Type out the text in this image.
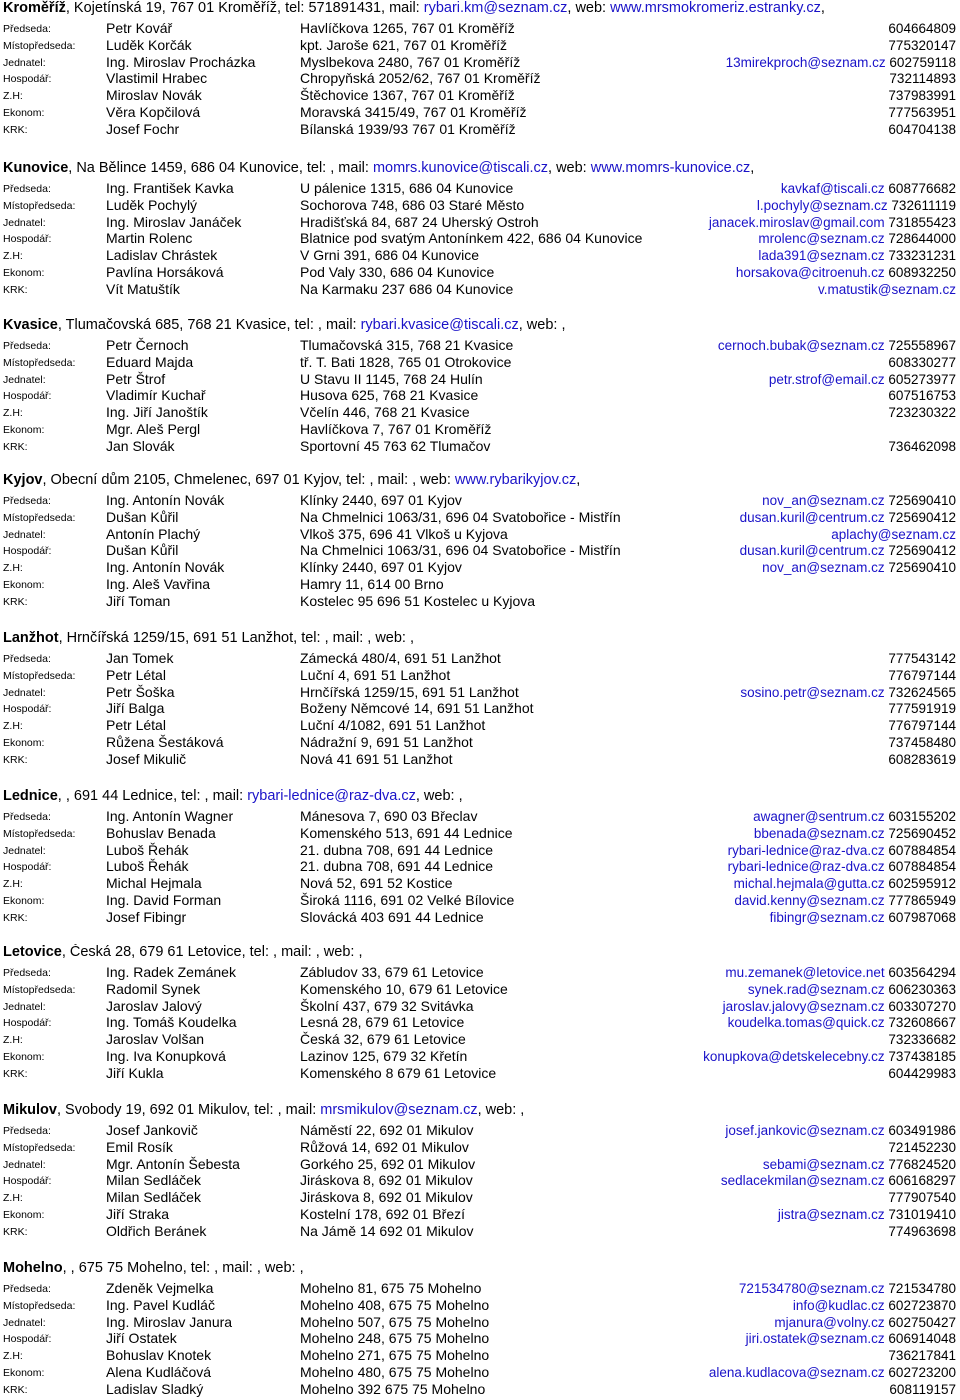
Kroměříž, Kojetínská 19, 767 01 Kroměříž, tel: 571891431, mail: rybari.km@seznam.cz, web: www.mrsmokromeriz.estranky.cz,
Předseda:	Petr Kovář	Havlíčkova 1265, 767 01 Kroměříž	604664809
Místopředseda: Luděk Korčák	kpt. Jaroše 621, 767 01 Kroměříž	775320147
Jednatel:	Ing. Miroslav Procházka	Myslbekova 2480, 767 01 Kroměříž	13mirekproch@seznam.cz 602759118
Hospodář:	Vlastimil Hrabec	Chropyňská 2052/62, 767 01 Kroměříž	732114893
Z.H:	Miroslav Novák	Štěchovice 1367, 767 01 Kroměříž	737983991
Ekonom:	Věra Kopčilová	Moravská 3415/49, 767 01 Kroměříž	777563951
KRK:	Josef Fochr	Bílanská 1939/93 767 01 Kroměříž	604704138
Kunovice, Na Bělince 1459, 686 04 Kunovice, tel: , mail: momrs.kunovice@tiscali.cz, web: www.momrs-kunovice.cz,
Předseda:	Ing. František Kavka	U pálenice 1315, 686 04 Kunovice	kavkaf@tiscali.cz 608776682
Místopředseda: Luděk Pochylý	Sochorova 748, 686 03 Staré Město	l.pochyly@seznam.cz 732611119
Jednatel:	Ing. Miroslav Janáček	Hradišťská 84, 687 24 Uherský Ostroh	janacek.miroslav@gmail.com 731855423
Hospodář:	Martin Rolenc	Blatnice pod svatým Antonínkem 422, 686 04 Kunovice	mrolenc@seznam.cz 728644000
Z.H:	Ladislav Chrástek	V Grni 391, 686 04 Kunovice	lada391@seznam.cz 733231231
Ekonom:	Pavlína Horsáková	Pod Valy 330, 686 04 Kunovice	horsakova@citroenuh.cz 608932250
KRK:	Vít Matuštík	Na Karmaku 237 686 04 Kunovice	v.matustik@seznam.cz
Kvasice, Tlumačovská 685, 768 21 Kvasice, tel: , mail: rybari.kvasice@tiscali.cz, web: ,
Předseda:	Petr Černoch	Tlumačovská 315, 768 21 Kvasice	cernoch.bubak@seznam.cz 725558967
Místopředseda: Eduard Majda	tř. T. Bati 1828, 765 01 Otrokovice	608330277
Jednatel:	Petr Štrof	U Stavu II 1145, 768 24 Hulín	petr.strof@email.cz 605273977
Hospodář:	Vladimír Kuchař	Husova 625, 768 21 Kvasice	607516753
Z.H:	Ing. Jiří Janoštík	Včelín 446, 768 21 Kvasice	723230322
Ekonom:	Mgr. Aleš Pergl	Havlíčkova 7, 767 01 Kroměříž
KRK:	Jan Slovák	Sportovní 45 763 62 Tlumačov	736462098
Kyjov, Obecní dům 2105, Chmelenec, 697 01 Kyjov, tel: , mail: , web: www.rybarikyjov.cz,
Předseda:	Ing. Antonín Novák	Klínky 2440, 697 01 Kyjov	nov_an@seznam.cz 725690410
Místopředseda: Dušan Kůřil	Na Chmelnici 1063/31, 696 04 Svatobořice - Mistřín	dusan.kuril@centrum.cz 725690412
Jednatel:	Antonín Plachý	Vlkoš 375, 696 41 Vlkoš u Kyjova	aplachy@seznam.cz
Hospodář:	Dušan Kůřil	Na Chmelnici 1063/31, 696 04 Svatobořice - Mistřín	dusan.kuril@centrum.cz 725690412
Z.H:	Ing. Antonín Novák	Klínky 2440, 697 01 Kyjov	nov_an@seznam.cz 725690410
Ekonom:	Ing. Aleš Vavřina	Hamry 11, 614 00 Brno
KRK:	Jiří Toman	Kostelec 95 696 51 Kostelec u Kyjova
Lanžhot, Hrnčířská 1259/15, 691 51 Lanžhot, tel: , mail: , web: ,
Předseda:	Jan Tomek	Zámecká 480/4, 691 51 Lanžhot	777543142
Místopředseda: Petr Létal	Luční 4, 691 51 Lanžhot	776797144
Jednatel:	Petr Šoška	Hrnčířská 1259/15, 691 51 Lanžhot	sosino.petr@seznam.cz 732624565
Hospodář:	Jiří Balga	Boženy Němcové 14, 691 51 Lanžhot	777591919
Z.H:	Petr Létal	Luční 4/1082, 691 51 Lanžhot	776797144
Ekonom:	Růžena Šestáková	Nádražní 9, 691 51 Lanžhot	737458480
KRK:	Josef Mikulič	Nová 41 691 51 Lanžhot	608283619
Lednice, , 691 44 Lednice, tel: , mail: rybari-lednice@raz-dva.cz, web: ,
Předseda:	Ing. Antonín Wagner	Mánesova 7, 690 03 Břeclav	awagner@sentrum.cz 603155202
Místopředseda: Bohuslav Benada	Komenského 513, 691 44 Lednice	bbenada@seznam.cz 725690452
Jednatel:	Luboš Řehák	21. dubna 708, 691 44 Lednice	rybari-lednice@raz-dva.cz 607884854
Hospodář:	Luboš Řehák	21. dubna 708, 691 44 Lednice	rybari-lednice@raz-dva.cz 607884854
Z.H:	Michal Hejmala	Nová 52, 691 52 Kostice	michal.hejmala@gutta.cz 602595912
Ekonom:	Ing. David Forman	Široká 1116, 691 02 Velké Bílovice	david.kenny@seznam.cz 777865949
KRK:	Josef Fibingr	Slovácká 403 691 44 Lednice	fibingr@seznam.cz 607987068
Letovice, Česká 28, 679 61 Letovice, tel: , mail: , web: ,
Předseda:	Ing. Radek Zemánek	Zábludov 33, 679 61 Letovice	mu.zemanek@letovice.net 603564294
Místopředseda: Radomil Synek	Komenského 10, 679 61 Letovice	synek.rad@seznam.cz 606230363
Jednatel:	Jaroslav Jalový	Školní 437, 679 32 Svitávka	jaroslav.jalovy@seznam.cz 603307270
Hospodář:	Ing. Tomáš Koudelka	Lesná 28, 679 61 Letovice	koudelka.tomas@quick.cz 732608667
Z.H:	Jaroslav Volšan	Česká 32, 679 61 Letovice	732336682
Ekonom:	Ing. Iva Konupková	Lazinov 125, 679 32 Křetín	konupkova@detskelecebny.cz 737438185
KRK:	Jiří Kukla	Komenského 8 679 61 Letovice	604429983
Mikulov, Svobody 19, 692 01 Mikulov, tel: , mail: mrsmikulov@seznam.cz, web: ,
Předseda:	Josef Jankovič	Náměstí 22, 692 01 Mikulov	josef.jankovic@seznam.cz 603491986
Místopředseda: Emil Rosík	Růžová 14, 692 01 Mikulov	721452230
Jednatel:	Mgr. Antonín Šebesta	Gorkého 25, 692 01 Mikulov	sebami@seznam.cz 776824520
Hospodář:	Milan Sedláček	Jiráskova 8, 692 01 Mikulov	sedlacekmilan@seznam.cz 606168297
Z.H:	Milan Sedláček	Jiráskova 8, 692 01 Mikulov	777907540
Ekonom:	Jiří Straka	Kostelní 178, 692 01 Březí	jistra@seznam.cz 731019410
KRK:	Oldřich Beránek	Na Jámě 14 692 01 Mikulov	774963698
Mohelno, , 675 75 Mohelno, tel: , mail: , web: ,
Předseda:	Zdeněk Vejmelka	Mohelno 81, 675 75 Mohelno	721534780@seznam.cz 721534780
Místopředseda: Ing. Pavel Kudláč	Mohelno 408, 675 75 Mohelno	info@kudlac.cz 602723870
Jednatel:	Ing. Miroslav Janura	Mohelno 507, 675 75 Mohelno	mjanura@volny.cz 602750427
Hospodář:	Jiří Ostatek	Mohelno 248, 675 75 Mohelno	jiri.ostatek@seznam.cz 606914048
Z.H:	Bohuslav Knotek	Mohelno 271, 675 75 Mohelno	736217841
Ekonom:	Alena Kudláčová	Mohelno 480, 675 75 Mohelno	alena.kudlacova@seznam.cz 602723200
KRK:	Ladislav Sladký	Mohelno 392 675 75 Mohelno	608119157
